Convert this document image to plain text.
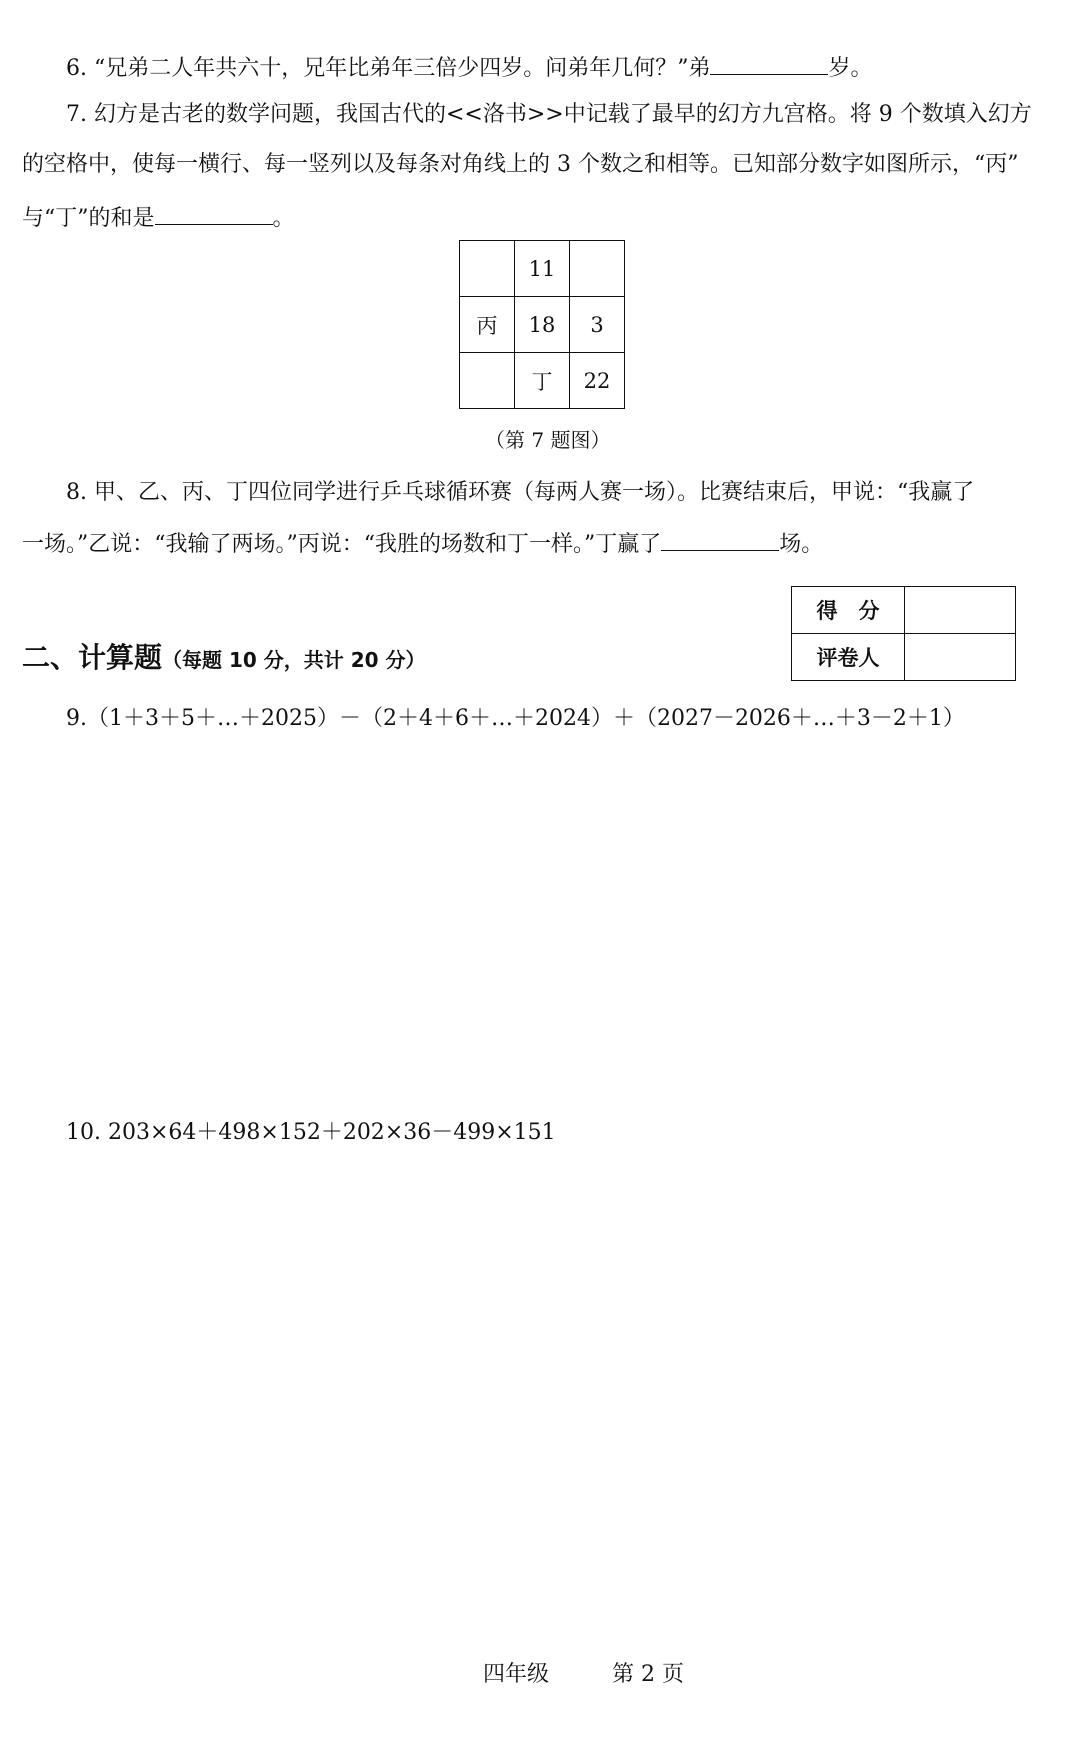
6. “兄弟二人年共六十，兄年比弟年三倍少四岁。问弟年几何？”弟	岁。
7. 幻方是古老的数学问题，我国古代的<<洛书>>中记载了最早的幻方九宫格。将 9 个数填入幻方
的空格中，使每一横行、每一竖列以及每条对角线上的 3 个数之和相等。已知部分数字如图所示，“丙”
与“丁”的和是	。
	11	
丙	18	3
	丁	22
（第 7 题图）
8. 甲、乙、丙、丁四位同学进行乒乓球循环赛（每两人赛一场）。比赛结束后，甲说：“我赢了
一场。”乙说：“我输了两场。”丙说：“我胜的场数和丁一样。”丁赢了	场。
得　分	
评卷人	
二、计算题（每题 10 分，共计 20 分）
9.（1＋3＋5＋…＋2025）－（2＋4＋6＋…＋2024）＋（2027－2026＋…＋3－2＋1）
10. 203×64＋498×152＋202×36－499×151
四年级	第 2 页
